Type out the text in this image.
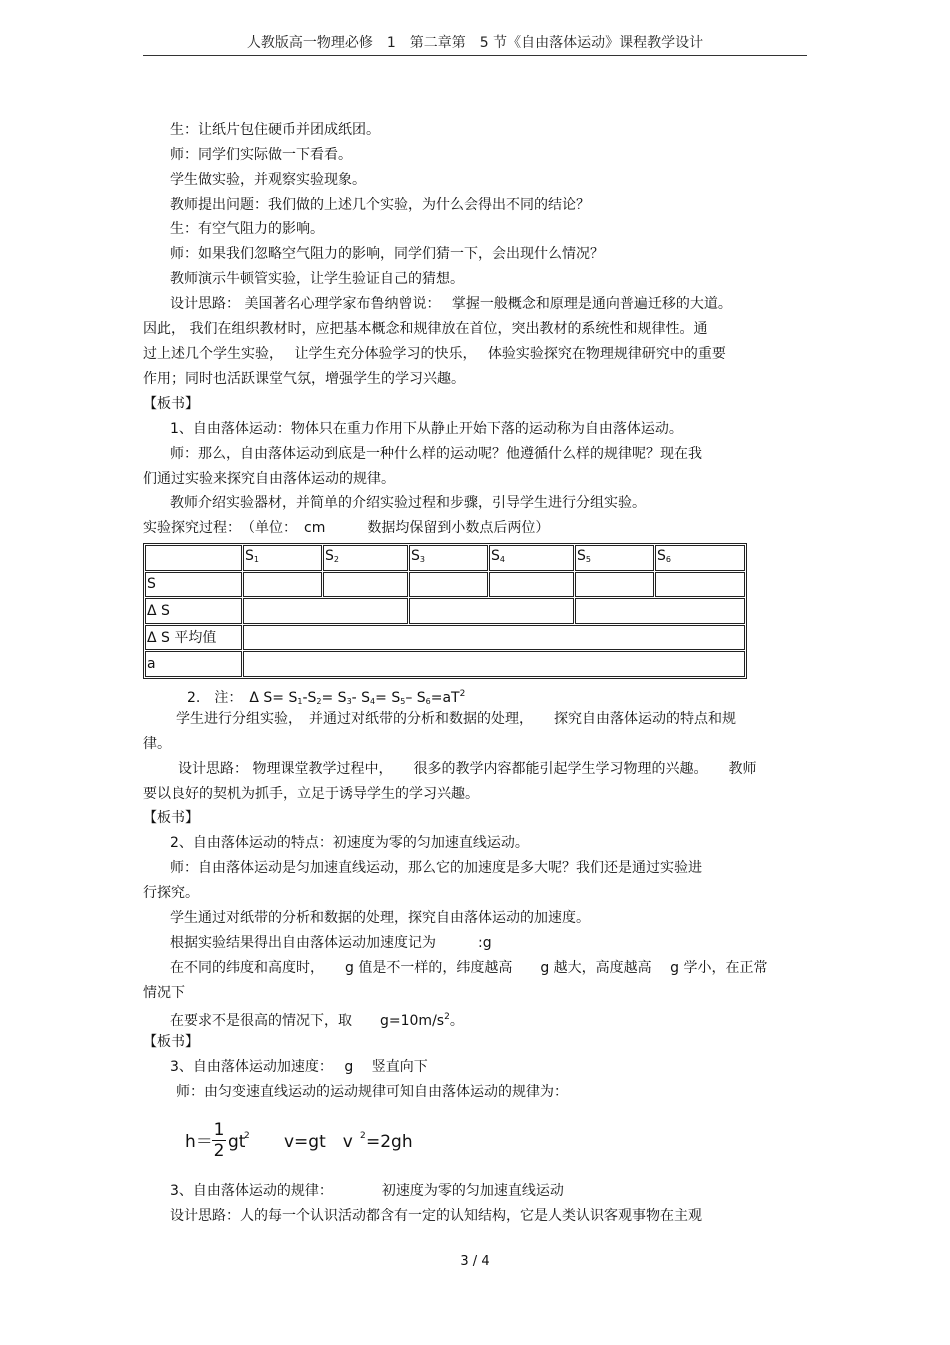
人教版高一物理必修　1　第二章第　5 节《自由落体运动》课程教学设计
生：让纸片包住硬币并团成纸团。
师：同学们实际做一下看看。
学生做实验，并观察实验现象。
教师提出问题：我们做的上述几个实验，为什么会得出不同的结论？
生：有空气阻力的影响。
师：如果我们忽略空气阻力的影响，同学们猜一下，会出现什么情况？
教师演示牛顿管实验，让学生验证自己的猜想。
设计思路： 美国著名心理学家布鲁纳曾说：　 掌握一般概念和原理是通向普遍迁移的大道。
因此， 我们在组织教材时，应把基本概念和规律放在首位，突出教材的系统性和规律性。通
过上述几个学生实验，　 让学生充分体验学习的快乐，　 体验实验探究在物理规律研究中的重要
作用；同时也活跃课堂气氛，增强学生的学习兴趣。
【板书】
1、自由落体运动：物体只在重力作用下从静止开始下落的运动称为自由落体运动。
师：那么，自由落体运动到底是一种什么样的运动呢？他遵循什么样的规律呢？现在我
们通过实验来探究自由落体运动的规律。
教师介绍实验器材，并简单的介绍实验过程和步骤，引导学生进行分组实验。
实验探究过程：　（单位：　cm　　　数据均保留到小数点后两位）
	$S_1$	$S_2$	$S_3$	$S_4$	$S_5$	$S_6$
S						
Δ S						
Δ S 平均值						
a						
2.　注：　Δ $S= S_1-S_2= S_3-$ $S_4= S_5-$ $S_6=aT^2$
学生进行分组实验，　并通过对纸带的分析和数据的处理，　　探究自由落体运动的特点和规
律。
设计思路： 物理课堂教学过程中，　　很多的教学内容都能引起学生学习物理的兴趣。　　教师
要以良好的契机为抓手，立足于诱导学生的学习兴趣。
【板书】
2、自由落体运动的特点：初速度为零的匀加速直线运动。
师：自由落体运动是匀加速直线运动，那么它的加速度是多大呢？我们还是通过实验进
行探究。
学生通过对纸带的分析和数据的处理，探究自由落体运动的加速度。
根据实验结果得出自由落体运动加速度记为　　　:g
在不同的纬度和高度时，　　g 值是不一样的，纬度越高　　g 越大，高度越高　 g 学小，在正常
情况下
在要求不是很高的情况下，取　　$g=10m/s^2$。
【板书】
3、自由落体运动加速度：　 g　 竖直向下
师：由匀变速直线运动的运动规律可知自由落体运动的规律为：
h＝
1
2 gt
2 v=gt　v 2 =2gh
3、自由落体运动的规律：　　　　初速度为零的匀加速直线运动
设计思路：人的每一个认识活动都含有一定的认知结构，它是人类认识客观事物在主观
3 / 4
